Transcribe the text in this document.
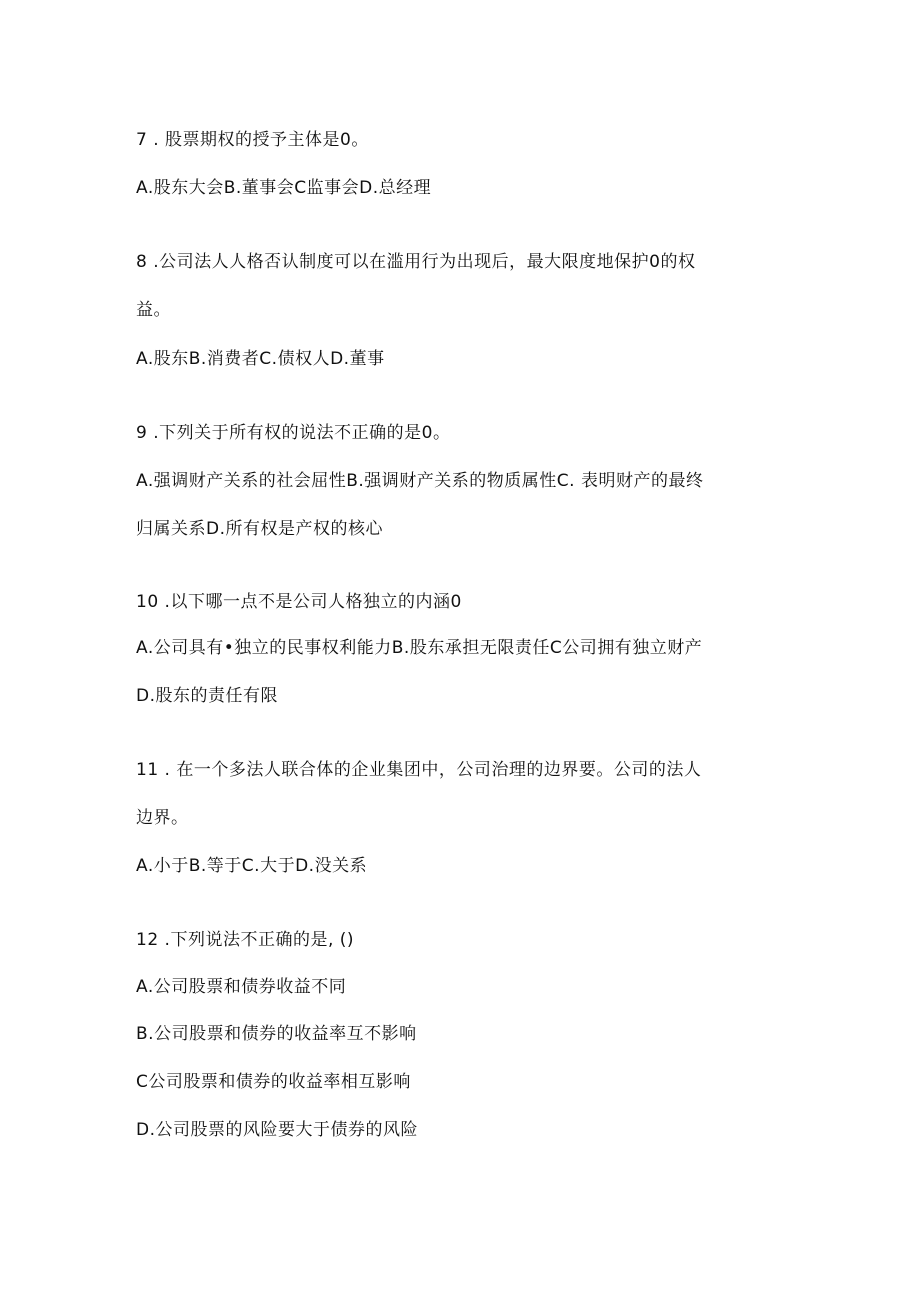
7 . 股票期权的授予主体是0。
A.股东大会B.董事会C监事会D.总经理
8 .公司法人人格否认制度可以在滥用行为出现后，最大限度地保护0的权
益。
A.股东B.消费者C.债权人D.董事
9 .下列关于所有权的说法不正确的是0。
A.强调财产关系的社会屈性B.强调财产关系的物质属性C. 表明财产的最终
归属关系D.所有权是产权的核心
10 .以下哪一点不是公司人格独立的内涵0
A.公司具有•独立的民事权利能力B.股东承担无限责任C公司拥有独立财产
D.股东的责任有限
11 . 在一个多法人联合体的企业集团中，公司治理的边界要。公司的法人
边界。
A.小于B.等于C.大于D.没关系
12 .下列说法不正确的是, ()
A.公司股票和债券收益不同
B.公司股票和债券的收益率互不影响
C公司股票和债券的收益率相互影响
D.公司股票的风险要大于债券的风险
